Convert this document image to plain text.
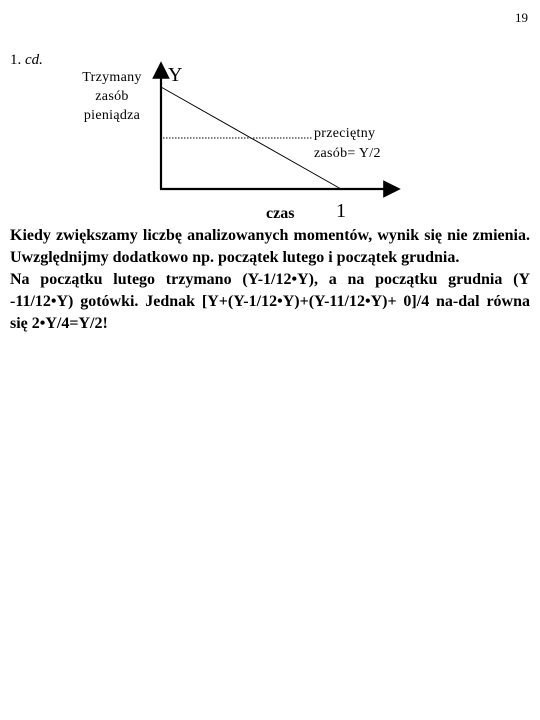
19
1. cd.
Trzymany
zasób
pieniądza
Y
przeciętny
zasób= Y/2
czas 1

Kiedy zwiększamy liczbę analizowanych momentów, wynik się nie zmienia. Uwzględnijmy dodatkowo np. początek lutego i początek grudnia.

Na początku lutego trzymano (Y-1/12•Y), a na początku grudnia (Y -11/12•Y) gotówki. Jednak [Y+(Y-1/12•Y)+(Y-11/12•Y)+ 0]/4 na-dal równa się 2•Y/4=Y/2!
